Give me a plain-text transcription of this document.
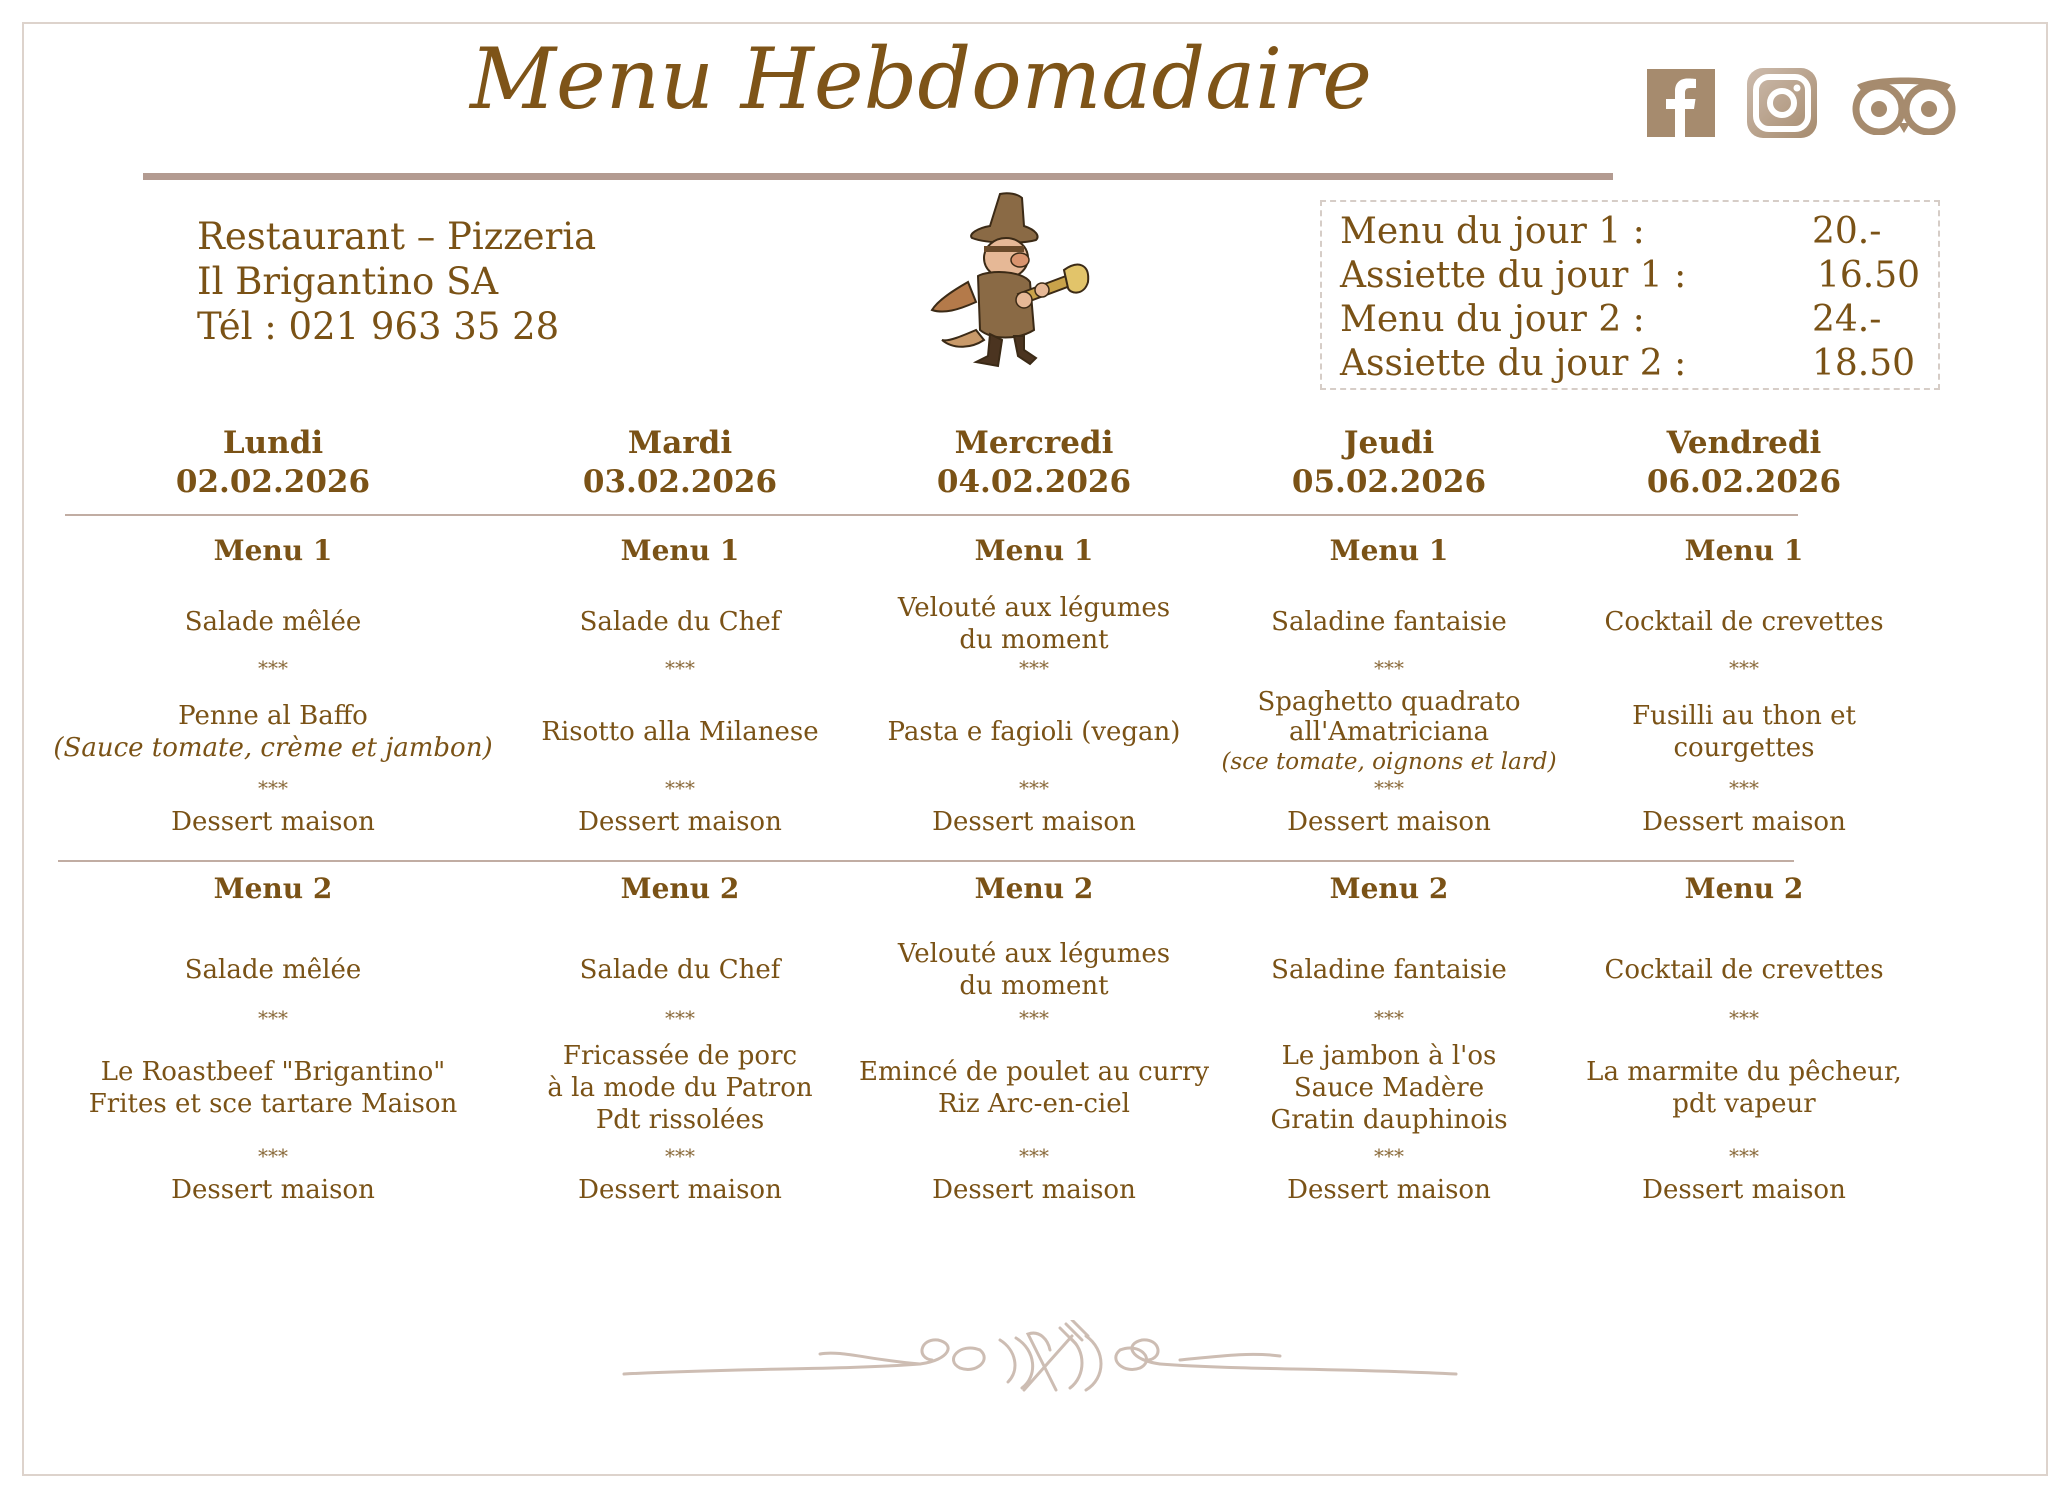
Menu Hebdomadaire
Restaurant – Pizzeria
Il Brigantino SA
Tél : 021 963 35 28
Menu du jour 1 :	20.-
Assiette du jour 1 :	16.50
Menu du jour 2 :	24.-
Assiette du jour 2 :	18.50
Lundi
02.02.2026
Mardi
03.02.2026
Mercredi
04.02.2026
Jeudi
05.02.2026
Vendredi
06.02.2026
Menu 1
Salade mêlée
***
Penne al Baffo
(Sauce tomate, crème et jambon)
***
Dessert maison
Menu 1
Salade du Chef
***
Risotto alla Milanese
***
Dessert maison
Menu 1
Velouté aux légumes
du moment
***
Pasta e fagioli (vegan)
***
Dessert maison
Menu 1
Saladine fantaisie
***
Spaghetto quadrato
all'Amatriciana
(sce tomate, oignons et lard)
***
Dessert maison
Menu 1
Cocktail de crevettes
***
Fusilli au thon et
courgettes
***
Dessert maison
Menu 2
Salade mêlée
***
Le Roastbeef "Brigantino"
Frites et sce tartare Maison
***
Dessert maison
Menu 2
Salade du Chef
***
Fricassée de porc
à la mode du Patron
Pdt rissolées
***
Dessert maison
Menu 2
Velouté aux légumes
du moment
***
Emincé de poulet au curry
Riz Arc-en-ciel
***
Dessert maison
Menu 2
Saladine fantaisie
***
Le jambon à l'os
Sauce Madère
Gratin dauphinois
***
Dessert maison
Menu 2
Cocktail de crevettes
***
La marmite du pêcheur,
pdt vapeur
***
Dessert maison
